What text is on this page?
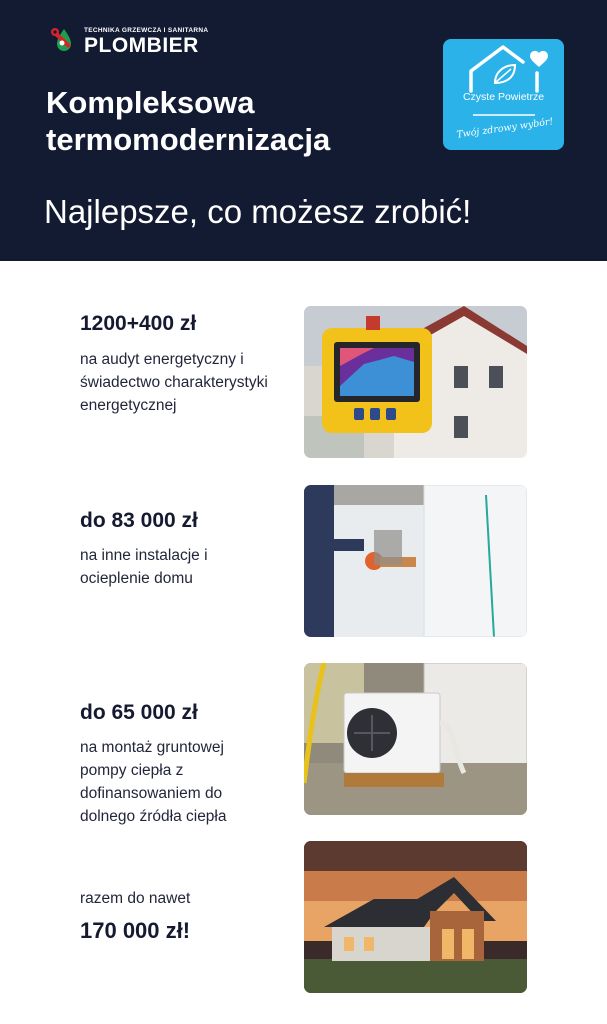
TECHNIKA GRZEWCZA I SANITARNA
PLOMBIER
Kompleksowa termomodernizacja
Najlepsze, co możesz zrobić!
Czyste Powietrze
Twój zdrowy wybór!
1200+400 zł
na audyt energetyczny i świadectwo charakterystyki energetycznej
do 83 000 zł
na inne instalacje i ocieplenie domu
do 65 000 zł
na montaż gruntowej pompy ciepła z dofinansowaniem do dolnego źródła ciepła
razem do nawet
170 000 zł!
